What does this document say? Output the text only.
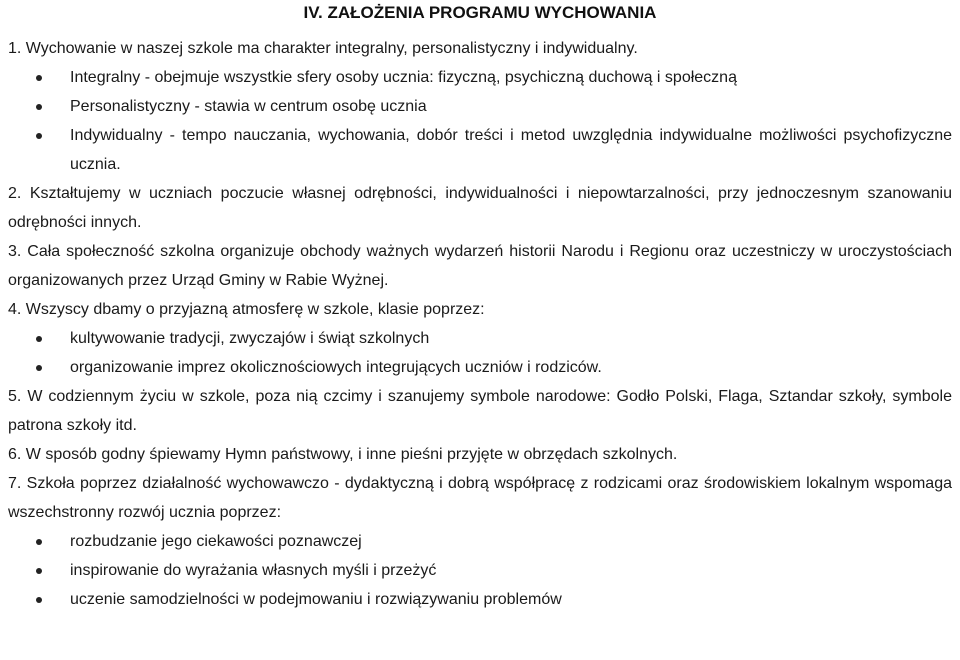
IV. ZAŁOŻENIA PROGRAMU WYCHOWANIA

1. Wychowanie w naszej szkole ma charakter integralny, personalistyczny i indywidualny.

Integralny - obejmuje wszystkie sfery osoby ucznia: fizyczną, psychiczną duchową i społeczną
Personalistyczny - stawia w centrum osobę ucznia
Indywidualny - tempo nauczania, wychowania, dobór treści i metod uwzględnia indywidualne możliwości psychofizyczne ucznia.

2. Kształtujemy w uczniach poczucie własnej odrębności, indywidualności i niepowtarzalności, przy jednoczesnym szanowaniu odrębności innych.

3. Cała społeczność szkolna organizuje obchody ważnych wydarzeń historii Narodu i Regionu oraz uczestniczy w uroczystościach organizowanych przez Urząd Gminy w Rabie Wyżnej.

4. Wszyscy dbamy o przyjazną atmosferę w szkole, klasie poprzez:

kultywowanie tradycji, zwyczajów i świąt szkolnych
organizowanie imprez okolicznościowych integrujących uczniów i rodziców.

5. W codziennym życiu w szkole, poza nią czcimy i szanujemy symbole narodowe: Godło Polski, Flaga, Sztandar szkoły, symbole patrona szkoły itd.

6. W sposób godny śpiewamy Hymn państwowy, i inne pieśni przyjęte w obrzędach szkolnych.

7. Szkoła poprzez działalność wychowawczo - dydaktyczną i dobrą współpracę z rodzicami oraz środowiskiem lokalnym wspomaga wszechstronny rozwój ucznia poprzez:

rozbudzanie jego ciekawości poznawczej
inspirowanie do wyrażania własnych myśli i przeżyć
uczenie samodzielności w podejmowaniu i rozwiązywaniu problemów
